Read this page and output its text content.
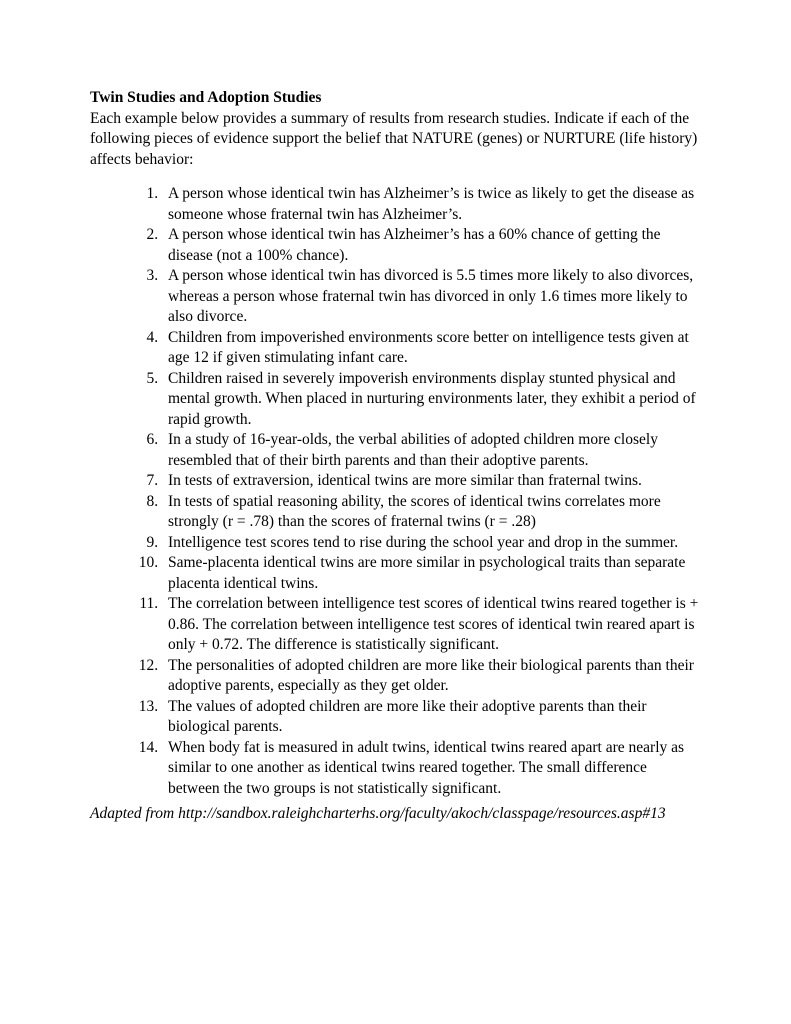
Twin Studies and Adoption Studies

Each example below provides a summary of results from research studies. Indicate if each of the following pieces of evidence support the belief that NATURE (genes) or NURTURE (life history) affects behavior:

1. A person whose identical twin has Alzheimer’s is twice as likely to get the disease as someone whose fraternal twin has Alzheimer’s.
2. A person whose identical twin has Alzheimer’s has a 60% chance of getting the disease (not a 100% chance).
3. A person whose identical twin has divorced is 5.5 times more likely to also divorces, whereas a person whose fraternal twin has divorced in only 1.6 times more likely to also divorce.
4. Children from impoverished environments score better on intelligence tests given at age 12 if given stimulating infant care.
5. Children raised in severely impoverish environments display stunted physical and mental growth. When placed in nurturing environments later, they exhibit a period of rapid growth.
6. In a study of 16-year-olds, the verbal abilities of adopted children more closely resembled that of their birth parents and than their adoptive parents.
7. In tests of extraversion, identical twins are more similar than fraternal twins.
8. In tests of spatial reasoning ability, the scores of identical twins correlates more strongly (r = .78) than the scores of fraternal twins (r = .28)
9. Intelligence test scores tend to rise during the school year and drop in the summer.
10. Same-placenta identical twins are more similar in psychological traits than separate placenta identical twins.
11. The correlation between intelligence test scores of identical twins reared together is + 0.86. The correlation between intelligence test scores of identical twin reared apart is only + 0.72. The difference is statistically significant.
12. The personalities of adopted children are more like their biological parents than their adoptive parents, especially as they get older.
13. The values of adopted children are more like their adoptive parents than their biological parents.
14. When body fat is measured in adult twins, identical twins reared apart are nearly as similar to one another as identical twins reared together. The small difference between the two groups is not statistically significant.
Adapted from http://sandbox.raleighcharterhs.org/faculty/akoch/classpage/resources.asp#13
